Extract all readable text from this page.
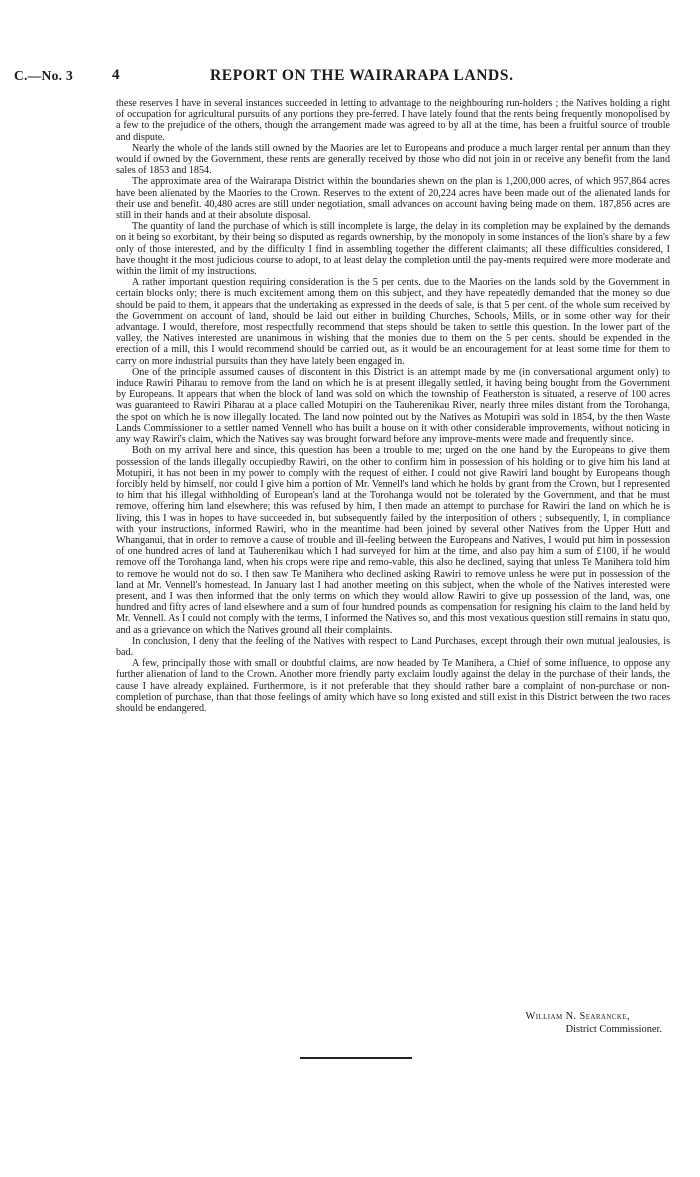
C.—No. 3	4	REPORT ON THE WAIRARAPA LANDS.

these reserves I have in several instances succeeded in letting to advantage to the neighbouring run-holders ; the Natives holding a right of occupation for agricultural pursuits of any portions they pre-ferred. I have lately found that the rents being frequently monopolised by a few to the prejudice of the others, though the arrangement made was agreed to by all at the time, has been a fruitful source of trouble and dispute.

Nearly the whole of the lands still owned by the Maories are let to Europeans and produce a much larger rental per annum than they would if owned by the Government, these rents are generally received by those who did not join in or receive any benefit from the land sales of 1853 and 1854.

The approximate area of the Wairarapa District within the boundaries shewn on the plan is 1,200,000 acres, of which 957,864 acres have been alienated by the Maories to the Crown. Reserves to the extent of 20,224 acres have been made out of the alienated lands for their use and benefit. 40,480 acres are still under negotiation, small advances on account having being made on them. 187,856 acres are still in their hands and at their absolute disposal.

The quantity of land the purchase of which is still incomplete is large, the delay in its completion may be explained by the demands on it being so exorbitant, by their being so disputed as regards ownership, by the monopoly in some instances of the lion's share by a few only of those interested, and by the difficulty I find in assembling together the different claimants; all these difficulties considered, I have thought it the most judicious course to adopt, to at least delay the completion until the pay-ments required were more moderate and within the limit of my instructions.

A rather important question requiring consideration is the 5 per cents. due to the Maories on the lands sold by the Government in certain blocks only; there is much excitement among them on this subject, and they have repeatedly demanded that the money so due should be paid to them, it appears that the undertaking as expressed in the deeds of sale, is that 5 per cent. of the whole sum received by the Government on account of land, should be laid out either in building Churches, Schools, Mills, or in some other way for their advantage. I would, therefore, most respectfully recommend that steps should be taken to settle this question. In the lower part of the valley, the Natives interested are unanimous in wishing that the monies due to them on the 5 per cents. should be expended in the erection of a mill, this I would recommend should be carried out, as it would be an encouragement for at least some time for them to carry on more industrial pursuits than they have lately been engaged in.

One of the principle assumed causes of discontent in this District is an attempt made by me (in conversational argument only) to induce Rawiri Piharau to remove from the land on which he is at present illegally settled, it having being bought from the Government by Europeans. It appears that when the block of land was sold on which the township of Featherston is situated, a reserve of 100 acres was guaranteed to Rawiri Piharau at a place called Motupiri on the Tauherenikau River, nearly three miles distant from the Torohanga, the spot on which he is now illegally located. The land now pointed out by the Natives as Motupiri was sold in 1854, by the then Waste Lands Commissioner to a settler named Vennell who has built a house on it with other considerable improvements, without noticing in any way Rawiri's claim, which the Natives say was brought forward before any improve-ments were made and frequently since.

Both on my arrival here and since, this question has been a trouble to me; urged on the one hand by the Europeans to give them possession of the lands illegally occupiedby Rawiri, on the other to confirm him in possession of his holding or to give him his land at Motupiri, it has not been in my power to comply with the request of either. I could not give Rawiri land bought by Europeans though forcibly held by himself, nor could I give him a portion of Mr. Vennell's land which he holds by grant from the Crown, but I represented to him that his illegal withholding of European's land at the Torohanga would not be tolerated by the Government, and that he must remove, offering him land elsewhere; this was refused by him, I then made an attempt to purchase for Rawiri the land on which he is living, this I was in hopes to have succeeded in, but subsequently failed by the interposition of others ; subsequently, I, in compliance with your instructions, informed Rawiri, who in the meantime had been joined by several other Natives from the Upper Hutt and Whanganui, that in order to remove a cause of trouble and ill-feeling between the Europeans and Natives, I would put him in possession of one hundred acres of land at Tauherenikau which I had surveyed for him at the time, and also pay him a sum of £100, if he would remove off the Torohanga land, when his crops were ripe and remo-vable, this also he declined, saying that unless Te Manihera told him to remove he would not do so. I then saw Te Manihera who declined asking Rawiri to remove unless he were put in possession of the land at Mr. Vennell's homestead. In January last I had another meeting on this subject, when the whole of the Natives interested were present, and I was then informed that the only terms on which they would allow Rawiri to give up possession of the land, was, one hundred and fifty acres of land elsewhere and a sum of four hundred pounds as compensation for resigning his claim to the land held by Mr. Vennell. As I could not comply with the terms, I informed the Natives so, and this most vexatious question still remains in statu quo, and as a grievance on which the Natives ground all their complaints.

In conclusion, I deny that the feeling of the Natives with respect to Land Purchases, except through their own mutual jealousies, is bad.

A few, principally those with small or doubtful claims, are now headed by Te Manihera, a Chief of some influence, to oppose any further alienation of land to the Crown. Another more friendly party exclaim loudly against the delay in the purchase of their lands, the cause I have already explained. Furthermore, is it not preferable that they should rather bare a complaint of non-purchase or non-completion of purchase, than that those feelings of amity which have so long existed and still exist in this District between the two races should be endangered.

William N. Searancke,
District Commissioner.
